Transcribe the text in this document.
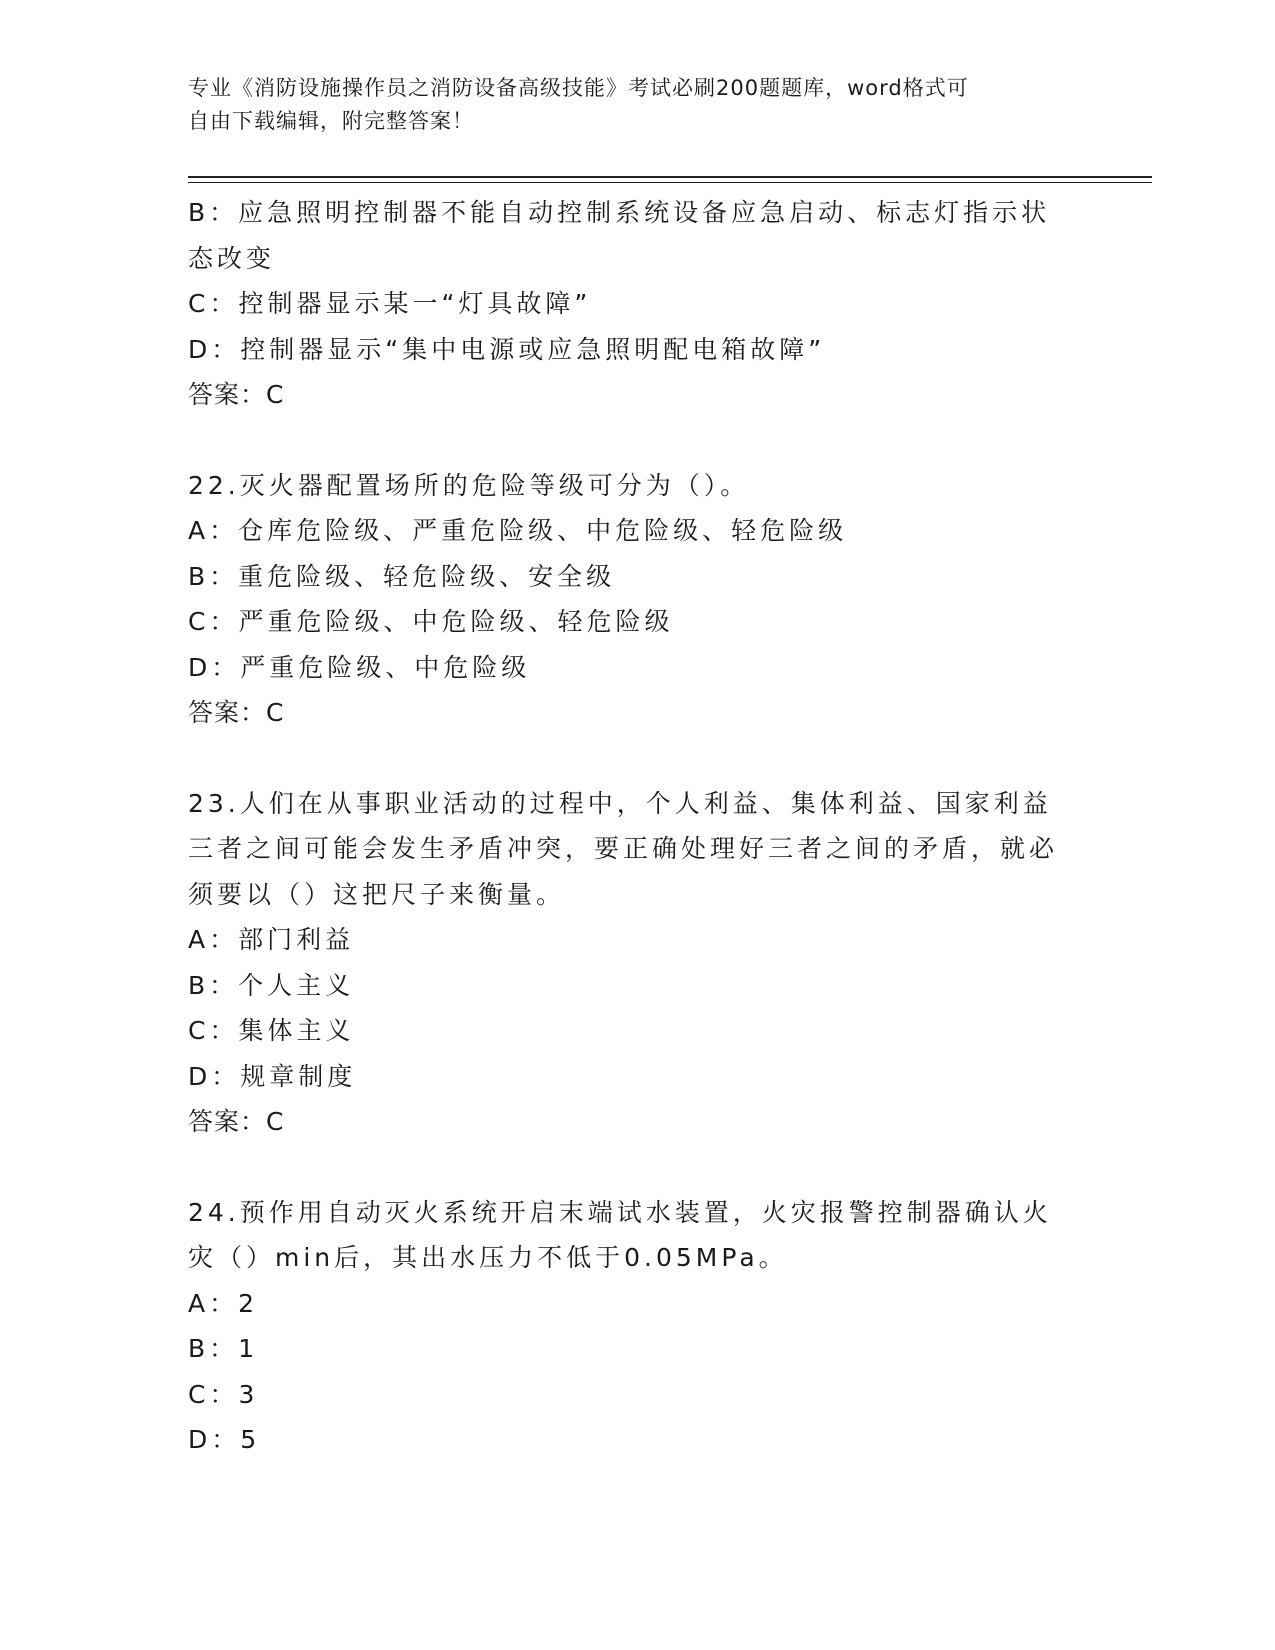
专业《消防设施操作员之消防设备高级技能》考试必刷200题题库，word格式可
自由下载编辑，附完整答案！
B：应急照明控制器不能自动控制系统设备应急启动、标志灯指示状态改变
C：控制器显示某一“灯具故障”
D：控制器显示“集中电源或应急照明配电箱故障”
答案：C
22.灭火器配置场所的危险等级可分为（）。
A：仓库危险级、严重危险级、中危险级、轻危险级
B：重危险级、轻危险级、安全级
C：严重危险级、中危险级、轻危险级
D：严重危险级、中危险级
答案：C
23.人们在从事职业活动的过程中，个人利益、集体利益、国家利益三者之间可能会发生矛盾冲突，要正确处理好三者之间的矛盾，就必须要以（）这把尺子来衡量。
A：部门利益
B：个人主义
C：集体主义
D：规章制度
答案：C
24.预作用自动灭火系统开启末端试水装置，火灾报警控制器确认火灾（）min后，其出水压力不低于0.05MPa。
A：2
B：1
C：3
D：5
